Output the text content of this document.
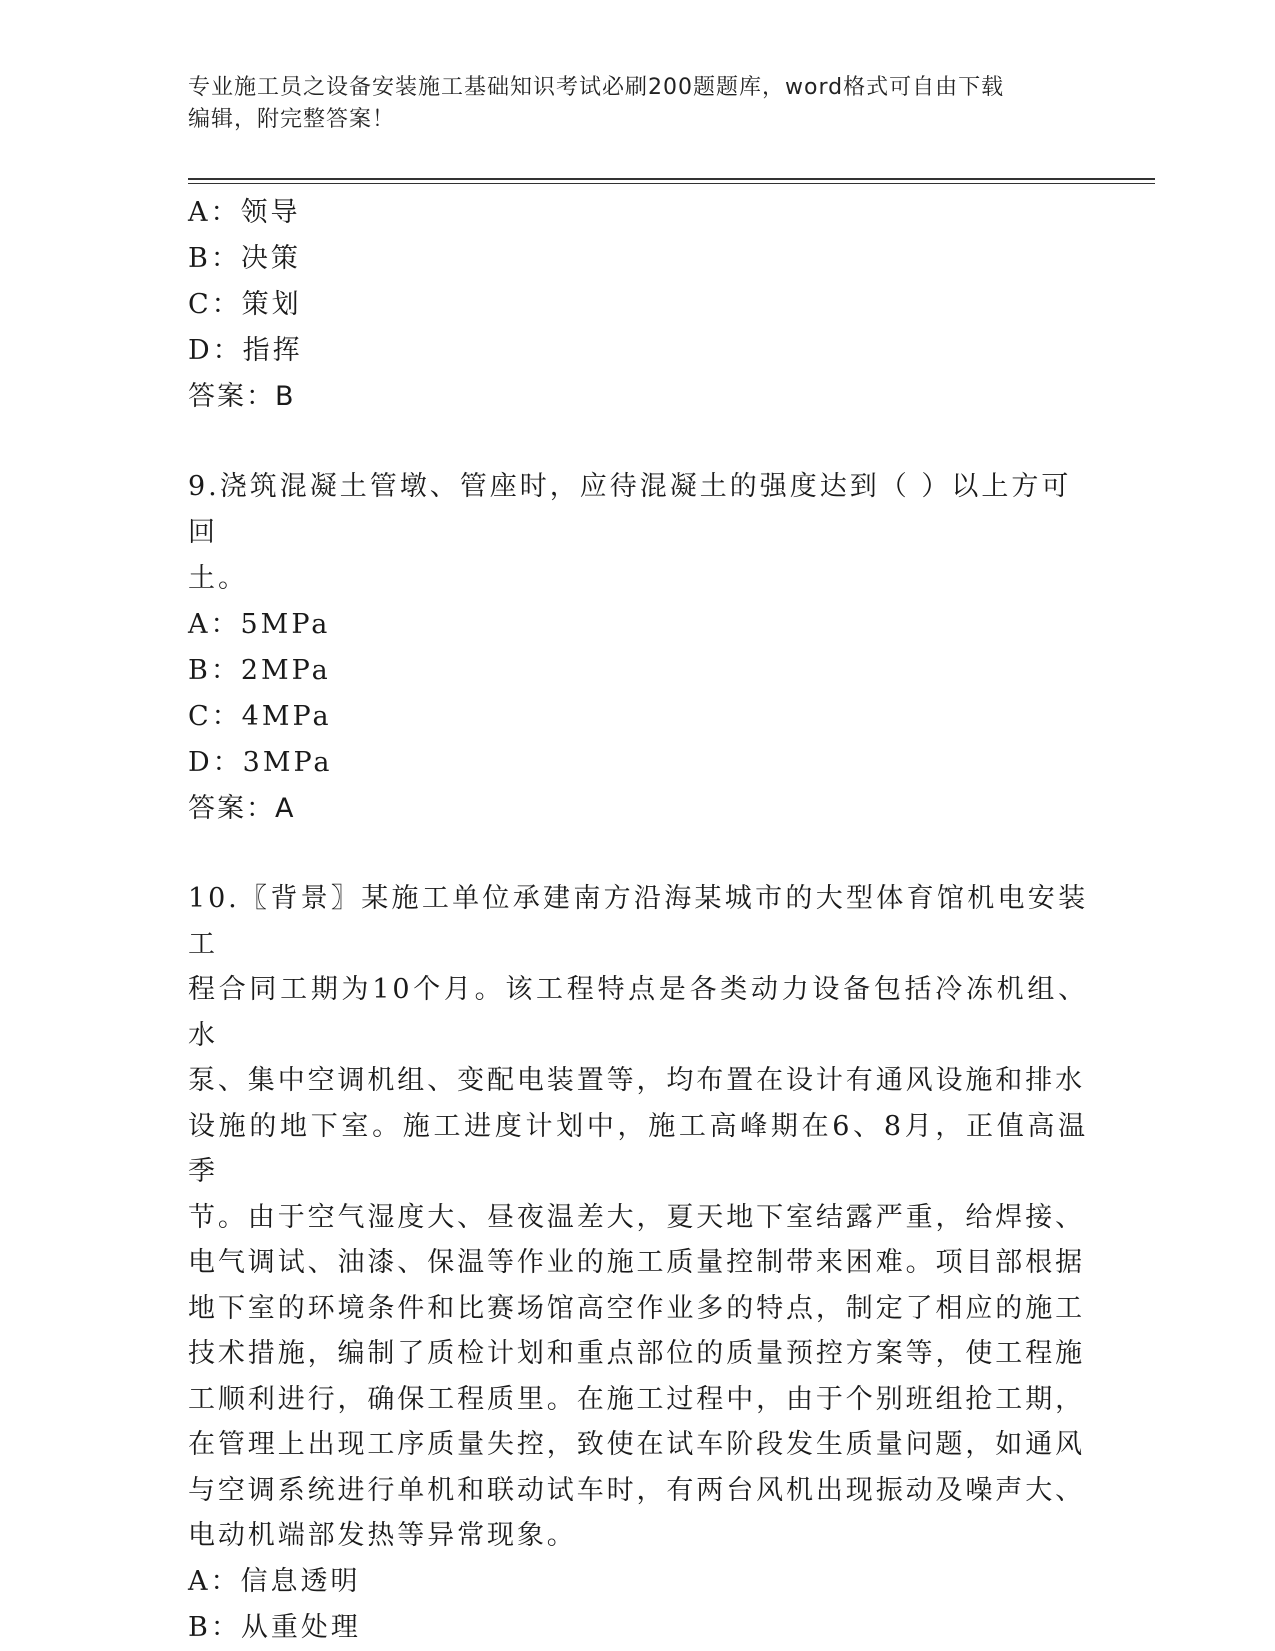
专业施工员之设备安装施工基础知识考试必刷200题题库，word格式可自由下载
编辑，附完整答案！
A：领导
B：决策
C：策划
D：指挥
答案：B
9.浇筑混凝土管墩、管座时，应待混凝土的强度达到（ ）以上方可回
土。
A：5MPa
B：2MPa
C：4MPa
D：3MPa
答案：A
10.〖背景〗某施工单位承建南方沿海某城市的大型体育馆机电安装工
程合同工期为10个月。该工程特点是各类动力设备包括冷冻机组、水
泵、集中空调机组、变配电装置等，均布置在设计有通风设施和排水
设施的地下室。施工进度计划中，施工高峰期在6、8月，正值高温季
节。由于空气湿度大、昼夜温差大，夏天地下室结露严重，给焊接、
电气调试、油漆、保温等作业的施工质量控制带来困难。项目部根据
地下室的环境条件和比赛场馆高空作业多的特点，制定了相应的施工
技术措施，编制了质检计划和重点部位的质量预控方案等，使工程施
工顺利进行，确保工程质里。在施工过程中，由于个别班组抢工期，
在管理上出现工序质量失控，致使在试车阶段发生质量问题，如通风
与空调系统进行单机和联动试车时，有两台风机出现振动及噪声大、
电动机端部发热等异常现象。
A：信息透明
B：从重处理
